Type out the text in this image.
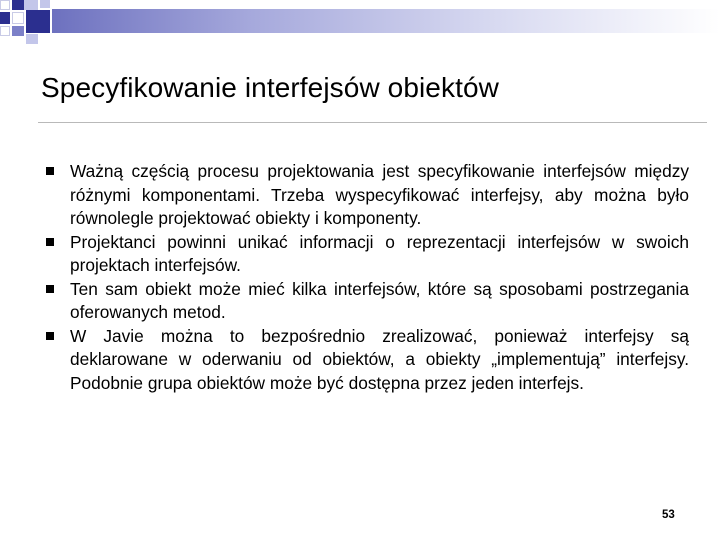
Specyfikowanie interfejsów obiektów
Ważną częścią procesu projektowania jest specyfikowanie interfejsów między różnymi komponentami. Trzeba wyspecyfikować interfejsy, aby można było równolegle projektować obiekty i komponenty.
Projektanci powinni unikać informacji o reprezentacji interfejsów w swoich projektach interfejsów.
Ten sam obiekt może mieć kilka interfejsów, które są sposobami postrzegania oferowanych metod.
W Javie można to bezpośrednio zrealizować, ponieważ interfejsy są deklarowane w oderwaniu od obiektów, a obiekty „implementują” interfejsy. Podobnie grupa obiektów może być dostępna przez jeden interfejs.
53
